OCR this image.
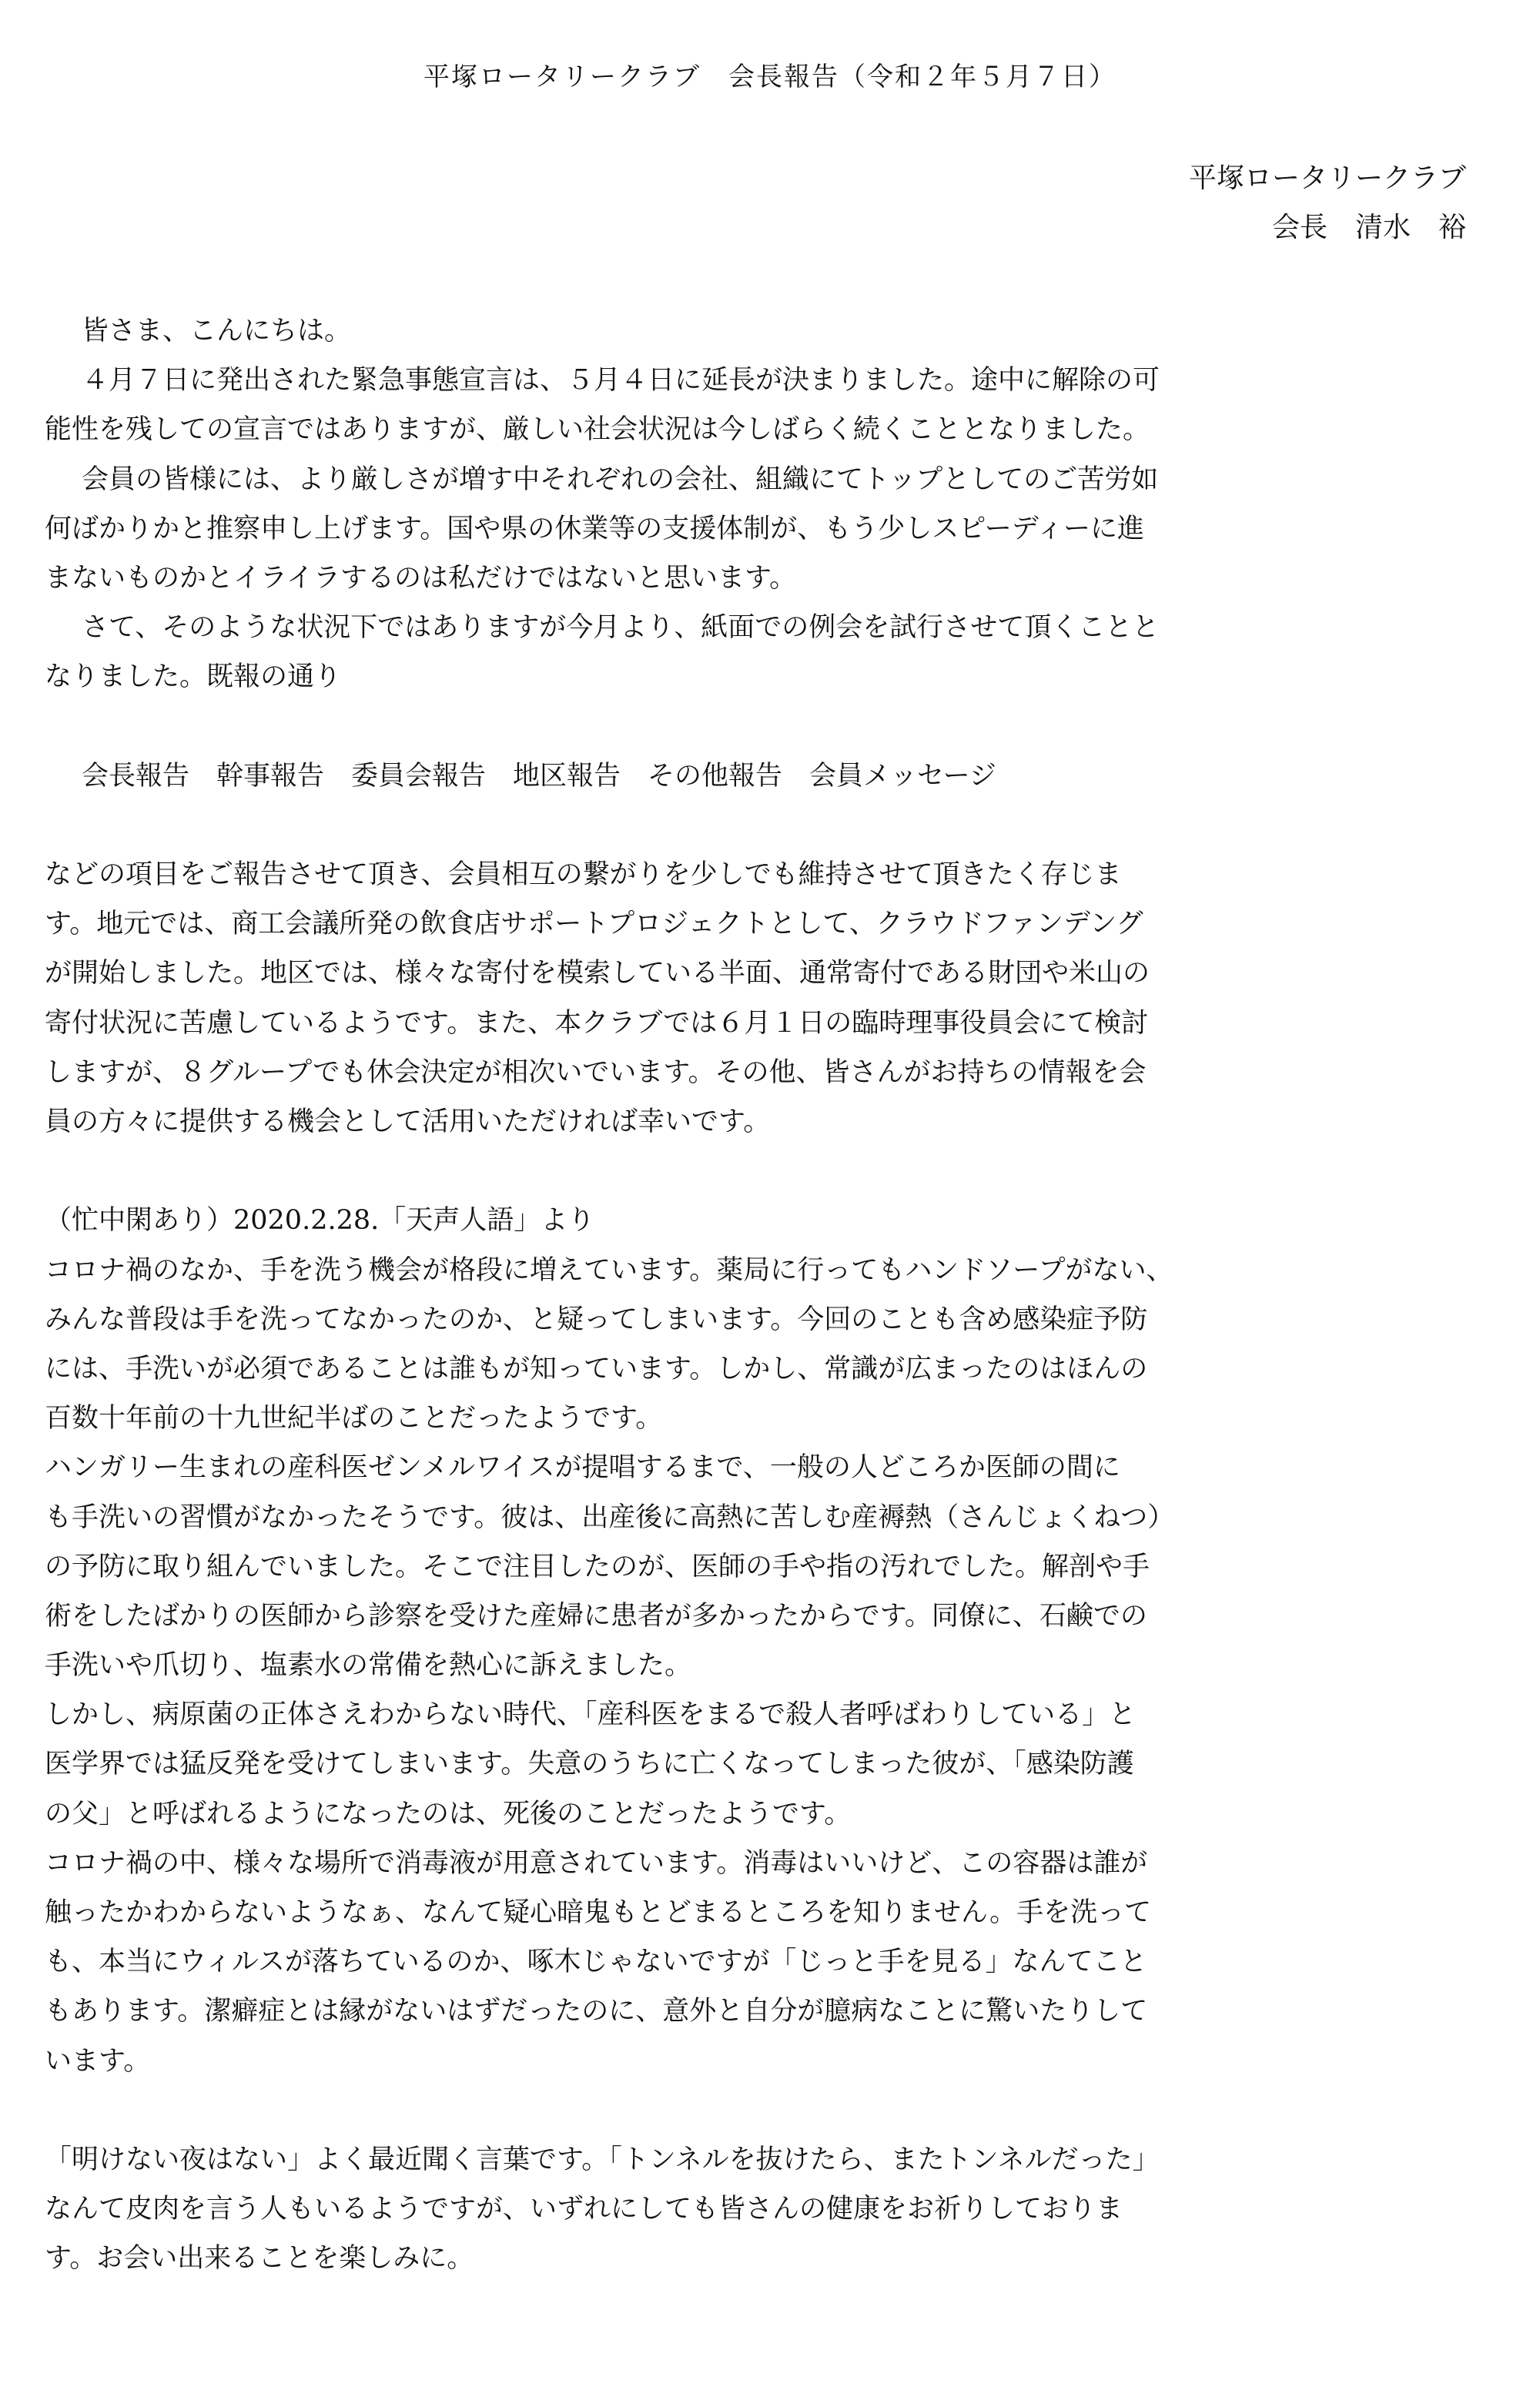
平塚ロータリークラブ　会長報告（令和２年５月７日）
平塚ロータリークラブ
会長　清水　裕
皆さま、こんにちは。
４月７日に発出された緊急事態宣言は、５月４日に延長が決まりました。途中に解除の可
能性を残しての宣言ではありますが、厳しい社会状況は今しばらく続くこととなりました。
会員の皆様には、より厳しさが増す中それぞれの会社、組織にてトップとしてのご苦労如
何ばかりかと推察申し上げます。国や県の休業等の支援体制が、もう少しスピーディーに進
まないものかとイライラするのは私だけではないと思います。
さて、そのような状況下ではありますが今月より、紙面での例会を試行させて頂くことと
なりました。既報の通り
会長報告　幹事報告　委員会報告　地区報告　その他報告　会員メッセージ
などの項目をご報告させて頂き、会員相互の繋がりを少しでも維持させて頂きたく存じま
す。地元では、商工会議所発の飲食店サポートプロジェクトとして、クラウドファンデング
が開始しました。地区では、様々な寄付を模索している半面、通常寄付である財団や米山の
寄付状況に苦慮しているようです。また、本クラブでは６月１日の臨時理事役員会にて検討
しますが、８グループでも休会決定が相次いでいます。その他、皆さんがお持ちの情報を会
員の方々に提供する機会として活用いただければ幸いです。
（忙中閑あり）2020.2.28.「天声人語」より
コロナ禍のなか、手を洗う機会が格段に増えています。薬局に行ってもハンドソープがない、
みんな普段は手を洗ってなかったのか、と疑ってしまいます。今回のことも含め感染症予防
には、手洗いが必須であることは誰もが知っています。しかし、常識が広まったのはほんの
百数十年前の十九世紀半ばのことだったようです。
ハンガリー生まれの産科医ゼンメルワイスが提唱するまで、一般の人どころか医師の間に
も手洗いの習慣がなかったそうです。彼は、出産後に高熱に苦しむ産褥熱（さんじょくねつ）
の予防に取り組んでいました。そこで注目したのが、医師の手や指の汚れでした。解剖や手
術をしたばかりの医師から診察を受けた産婦に患者が多かったからです。同僚に、石鹸での
手洗いや爪切り、塩素水の常備を熱心に訴えました。
しかし、病原菌の正体さえわからない時代、「産科医をまるで殺人者呼ばわりしている」と
医学界では猛反発を受けてしまいます。失意のうちに亡くなってしまった彼が、「感染防護
の父」と呼ばれるようになったのは、死後のことだったようです。
コロナ禍の中、様々な場所で消毒液が用意されています。消毒はいいけど、この容器は誰が
触ったかわからないようなぁ、なんて疑心暗鬼もとどまるところを知りません。手を洗って
も、本当にウィルスが落ちているのか、啄木じゃないですが「じっと手を見る」なんてこと
もあります。潔癖症とは縁がないはずだったのに、意外と自分が臆病なことに驚いたりして
います。
「明けない夜はない」よく最近聞く言葉です。「トンネルを抜けたら、またトンネルだった」
なんて皮肉を言う人もいるようですが、いずれにしても皆さんの健康をお祈りしておりま
す。お会い出来ることを楽しみに。
